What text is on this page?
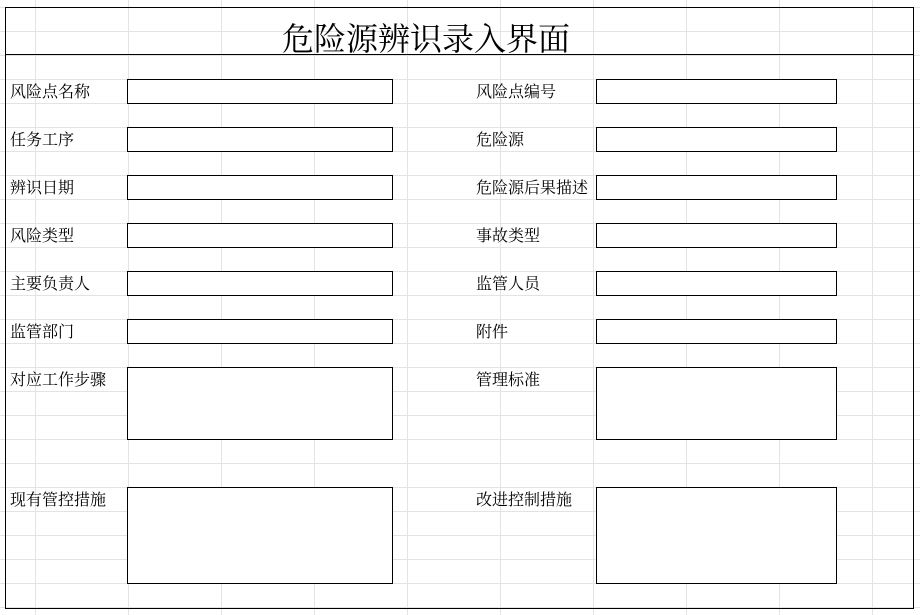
危险源辨识录入界面
风险点名称
任务工序
辨识日期
风险类型
主要负责人
监管部门
对应工作步骤
现有管控措施
风险点编号
危险源
危险源后果描述
事故类型
监管人员
附件
管理标准
改进控制措施
